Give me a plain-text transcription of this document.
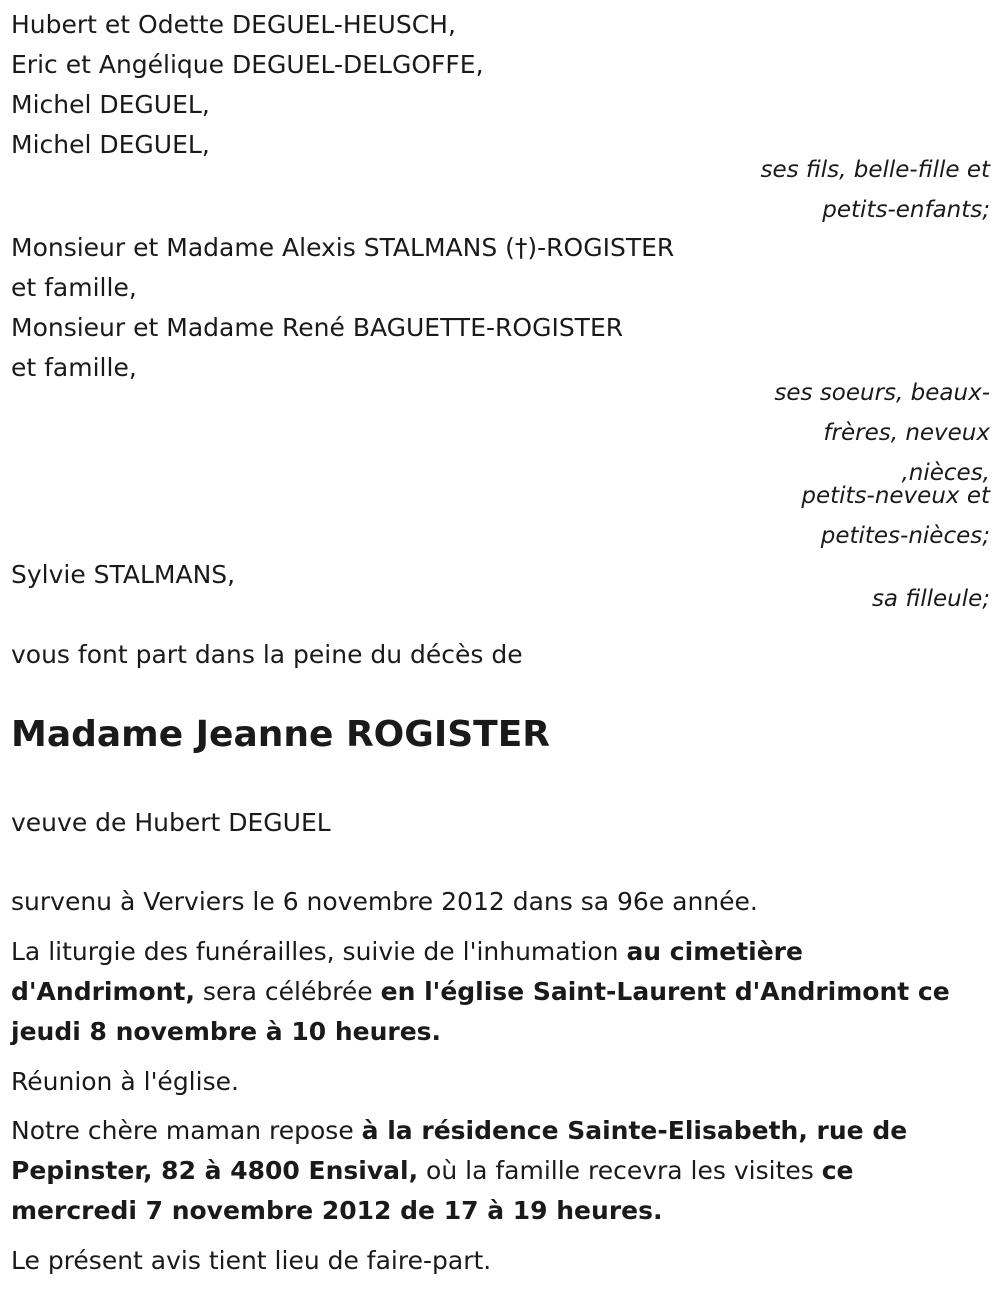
Hubert et Odette DEGUEL-HEUSCH,
Eric et Angélique DEGUEL-DELGOFFE,
Michel DEGUEL,
Michel DEGUEL,
ses fils, belle-fille et
petits-enfants;
Monsieur et Madame Alexis STALMANS (†)-ROGISTER
et famille,
Monsieur et Madame René BAGUETTE-ROGISTER
et famille,
ses soeurs, beaux-
frères, neveux
,nièces,
petits-neveux et
petites-nièces;
Sylvie STALMANS,
sa filleule;
vous font part dans la peine du décès de
Madame Jeanne ROGISTER
veuve de Hubert DEGUEL
survenu à Verviers le 6 novembre 2012 dans sa 96e année.
La liturgie des funérailles, suivie de l'inhumation au cimetière d'Andrimont, sera célébrée en l'église Saint-Laurent d'Andrimont ce jeudi 8 novembre à 10 heures.
Réunion à l'église.
Notre chère maman repose à la résidence Sainte-Elisabeth, rue de Pepinster, 82 à 4800 Ensival, où la famille recevra les visites ce mercredi 7 novembre 2012 de 17 à 19 heures.
Le présent avis tient lieu de faire-part.
